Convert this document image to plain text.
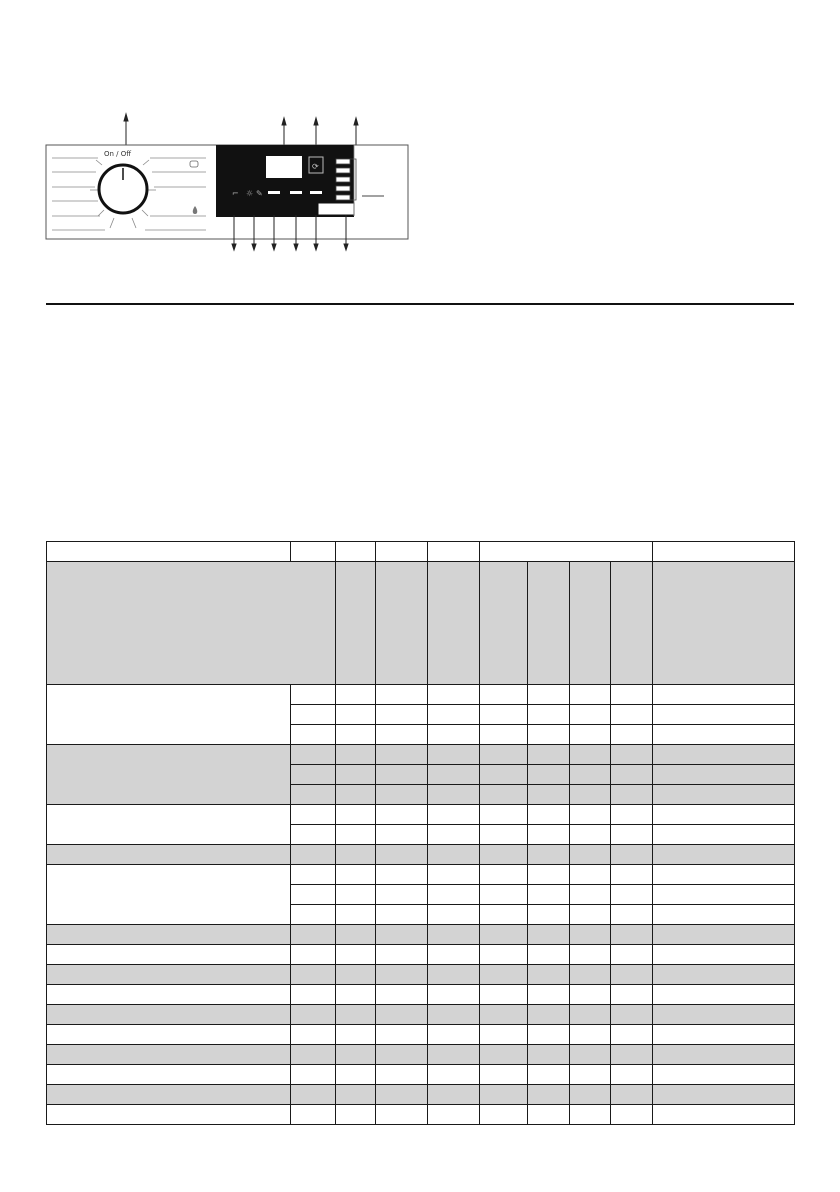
On / Off
⟳
⌐ ☼ ✎
